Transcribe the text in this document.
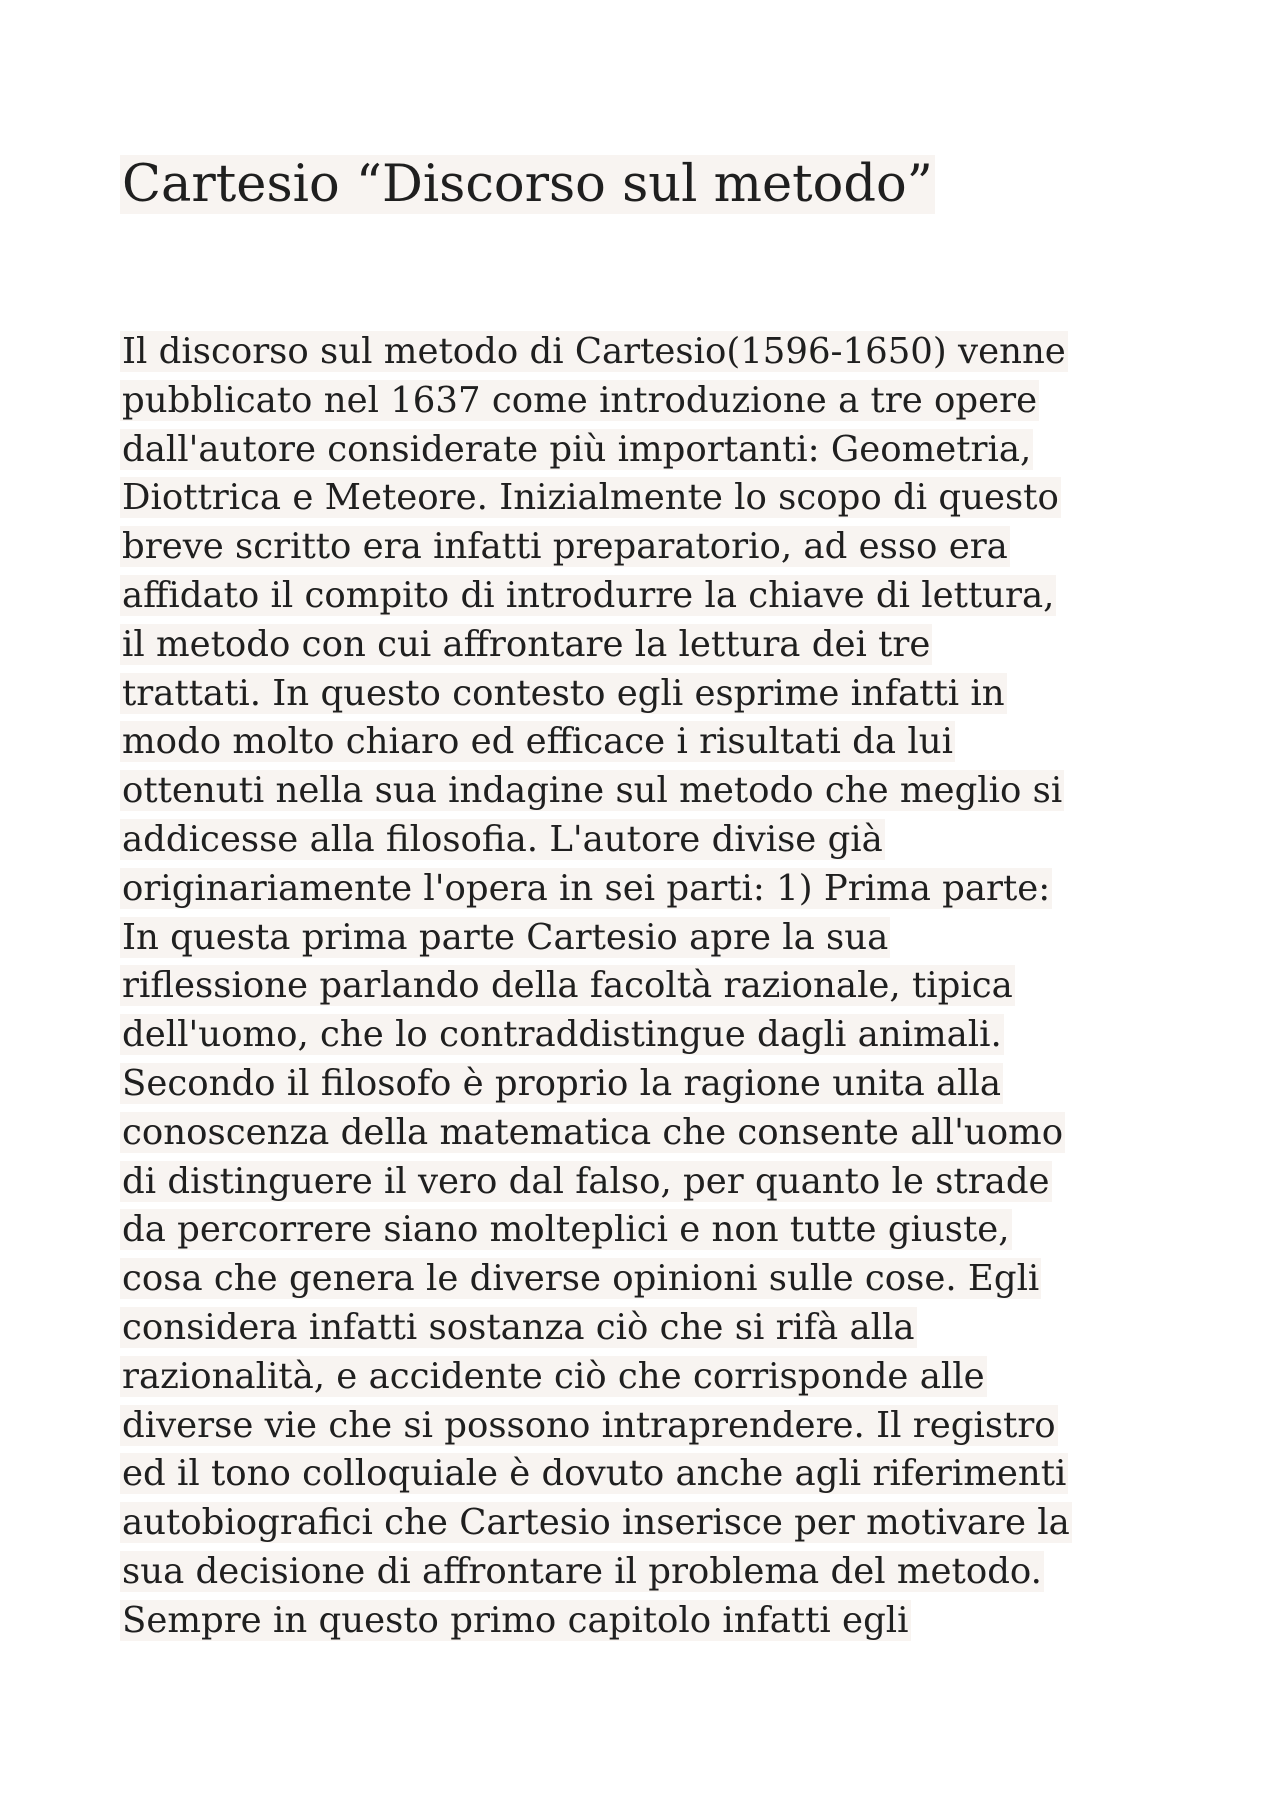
Cartesio “Discorso sul metodo”
Il discorso sul metodo di Cartesio(1596-1650) venne
pubblicato nel 1637 come introduzione a tre opere
dall'autore considerate più importanti: Geometria,
Diottrica e Meteore. Inizialmente lo scopo di questo
breve scritto era infatti preparatorio, ad esso era
affidato il compito di introdurre la chiave di lettura,
il metodo con cui affrontare la lettura dei tre
trattati. In questo contesto egli esprime infatti in
modo molto chiaro ed efficace i risultati da lui
ottenuti nella sua indagine sul metodo che meglio si
addicesse alla filosofia. L'autore divise già
originariamente l'opera in sei parti: 1) Prima parte:
In questa prima parte Cartesio apre la sua
riflessione parlando della facoltà razionale, tipica
dell'uomo, che lo contraddistingue dagli animali.
Secondo il filosofo è proprio la ragione unita alla
conoscenza della matematica che consente all'uomo
di distinguere il vero dal falso, per quanto le strade
da percorrere siano molteplici e non tutte giuste,
cosa che genera le diverse opinioni sulle cose. Egli
considera infatti sostanza ciò che si rifà alla
razionalità, e accidente ciò che corrisponde alle
diverse vie che si possono intraprendere. Il registro
ed il tono colloquiale è dovuto anche agli riferimenti
autobiografici che Cartesio inserisce per motivare la
sua decisione di affrontare il problema del metodo.
Sempre in questo primo capitolo infatti egli
